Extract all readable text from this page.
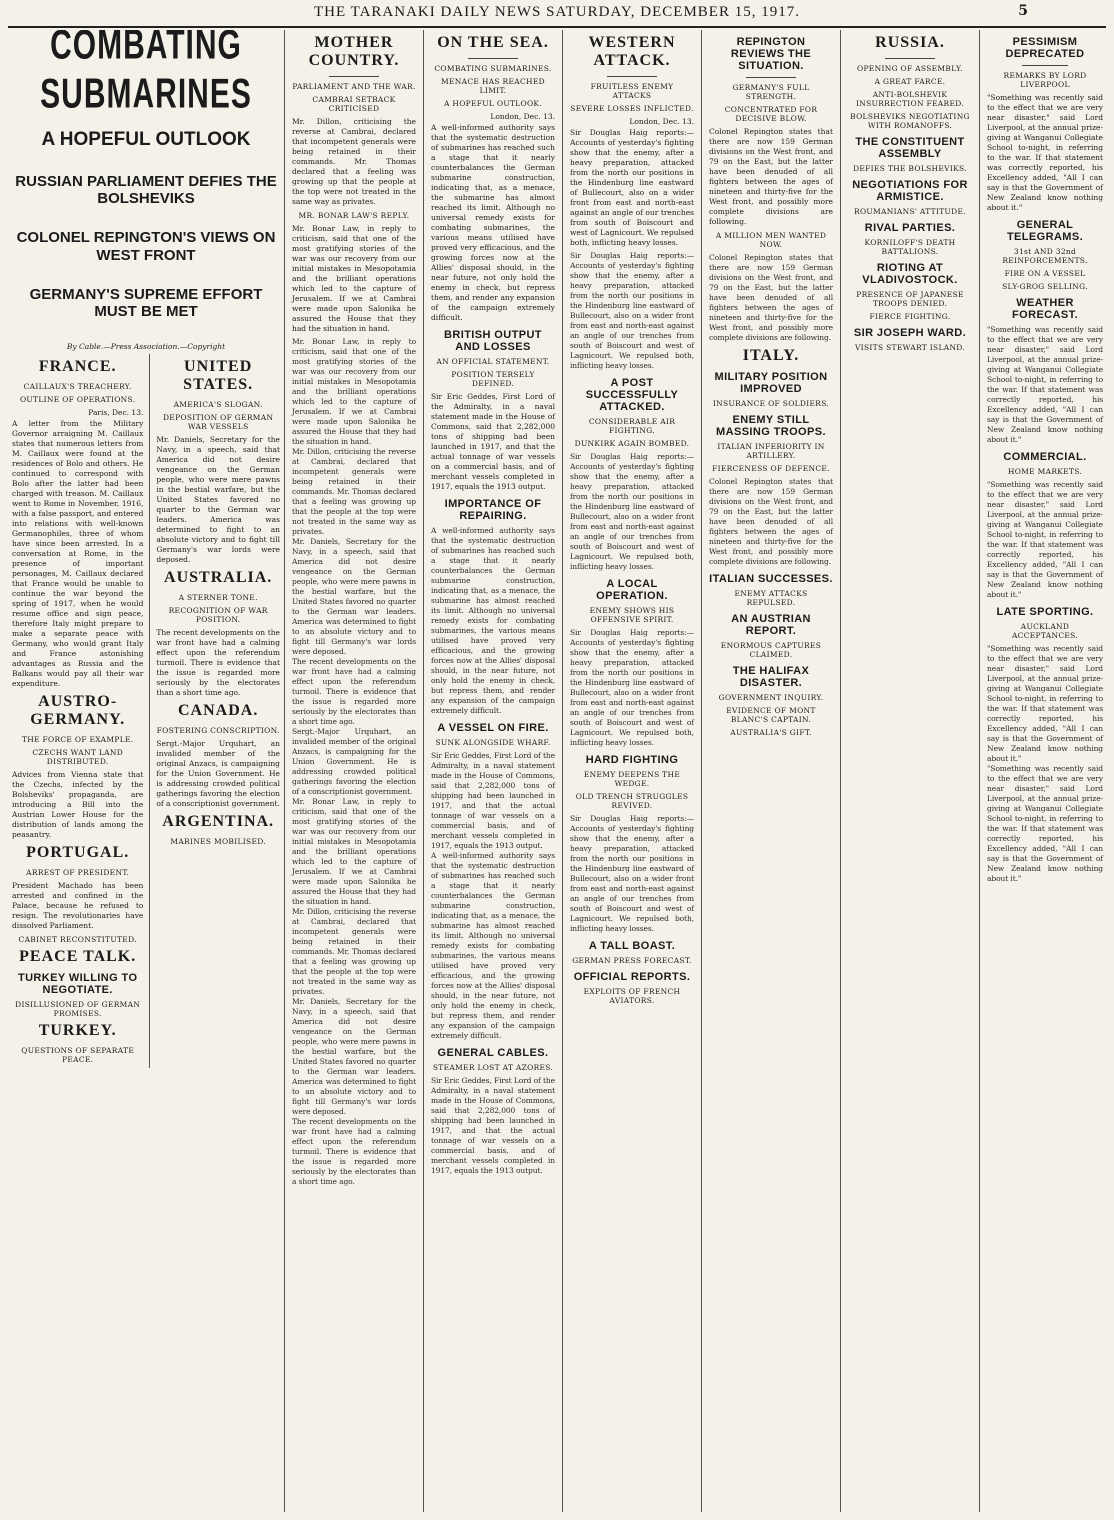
THE TARANAKI DAILY NEWS SATURDAY, DECEMBER 15, 1917.	5
COMBATING SUBMARINES
A HOPEFUL OUTLOOK
RUSSIAN PARLIAMENT DEFIES THE BOLSHEVIKS
COLONEL REPINGTON'S VIEWS ON WEST FRONT
GERMANY'S SUPREME EFFORT MUST BE MET
By Cable.—Press Association.—Copyright
FRANCE.
CAILLAUX'S TREACHERY.
OUTLINE OF OPERATIONS.
Paris, Dec. 13.
A letter from the Military Governor arraigning M. Caillaux states that numerous letters from M. Caillaux were found at the residences of Bolo and others. He continued to correspond with Bolo after the latter had been charged with treason. M. Caillaux went to Rome in November, 1916, with a false passport, and entered into relations with well-known Germanophiles, three of whom have since been arrested. In a conversation at Rome, in the presence of important personages, M. Caillaux declared that France would be unable to continue the war beyond the spring of 1917, when he would resume office and sign peace, therefore Italy might prepare to make a separate peace with Germany, who would grant Italy and France astonishing advantages as Russia and the Balkans would pay all their war expenditure.
AUSTRO-GERMANY.
THE FORCE OF EXAMPLE.
CZECHS WANT LAND DISTRIBUTED.
Advices from Vienna state that the Czechs, infected by the Bolsheviks' propaganda, are introducing a Bill into the Austrian Lower House for the distribution of lands among the peasantry.
PORTUGAL.
ARREST OF PRESIDENT.
President Machado has been arrested and confined in the Palace, because he refused to resign. The revolutionaries have dissolved Parliament.
CABINET RECONSTITUTED.
PEACE TALK.
TURKEY WILLING TO NEGOTIATE.
DISILLUSIONED OF GERMAN PROMISES.
TURKEY.
QUESTIONS OF SEPARATE PEACE.
UNITED STATES.
AMERICA'S SLOGAN.
DEPOSITION OF GERMAN WAR VESSELS
Mr. Daniels, Secretary for the Navy, in a speech, said that America did not desire vengeance on the German people, who were mere pawns in the bestial warfare, but the United States favored no quarter to the German war leaders. America was determined to fight to an absolute victory and to fight till Germany's war lords were deposed.
AUSTRALIA.
A STERNER TONE.
RECOGNITION OF WAR POSITION.
The recent developments on the war front have had a calming effect upon the referendum turmoil. There is evidence that the issue is regarded more seriously by the electorates than a short time ago.
CANADA.
FOSTERING CONSCRIPTION.
Sergt.-Major Urquhart, an invalided member of the original Anzacs, is campaigning for the Union Government. He is addressing crowded political gatherings favoring the election of a conscriptionist government.
ARGENTINA.
MARINES MOBILISED.
MOTHER COUNTRY.
PARLIAMENT AND THE WAR.
CAMBRAI SETBACK CRITICISED
Mr. Dillon, criticising the reverse at Cambrai, declared that incompetent generals were being retained in their commands. Mr. Thomas declared that a feeling was growing up that the people at the top were not treated in the same way as privates.
MR. BONAR LAW'S REPLY.
Mr. Bonar Law, in reply to criticism, said that one of the most gratifying stories of the war was our recovery from our initial mistakes in Mesopotamia and the brilliant operations which led to the capture of Jerusalem. If we at Cambrai were made upon Salonika he assured the House that they had the situation in hand.
Mr. Bonar Law, in reply to criticism, said that one of the most gratifying stories of the war was our recovery from our initial mistakes in Mesopotamia and the brilliant operations which led to the capture of Jerusalem. If we at Cambrai were made upon Salonika he assured the House that they had the situation in hand.
Mr. Dillon, criticising the reverse at Cambrai, declared that incompetent generals were being retained in their commands. Mr. Thomas declared that a feeling was growing up that the people at the top were not treated in the same way as privates.
Mr. Daniels, Secretary for the Navy, in a speech, said that America did not desire vengeance on the German people, who were mere pawns in the bestial warfare, but the United States favored no quarter to the German war leaders. America was determined to fight to an absolute victory and to fight till Germany's war lords were deposed.
The recent developments on the war front have had a calming effect upon the referendum turmoil. There is evidence that the issue is regarded more seriously by the electorates than a short time ago.
Sergt.-Major Urquhart, an invalided member of the original Anzacs, is campaigning for the Union Government. He is addressing crowded political gatherings favoring the election of a conscriptionist government.
Mr. Bonar Law, in reply to criticism, said that one of the most gratifying stories of the war was our recovery from our initial mistakes in Mesopotamia and the brilliant operations which led to the capture of Jerusalem. If we at Cambrai were made upon Salonika he assured the House that they had the situation in hand.
Mr. Dillon, criticising the reverse at Cambrai, declared that incompetent generals were being retained in their commands. Mr. Thomas declared that a feeling was growing up that the people at the top were not treated in the same way as privates.
Mr. Daniels, Secretary for the Navy, in a speech, said that America did not desire vengeance on the German people, who were mere pawns in the bestial warfare, but the United States favored no quarter to the German war leaders. America was determined to fight to an absolute victory and to fight till Germany's war lords were deposed.
The recent developments on the war front have had a calming effect upon the referendum turmoil. There is evidence that the issue is regarded more seriously by the electorates than a short time ago.
ON THE SEA.
COMBATING SUBMARINES.
MENACE HAS REACHED LIMIT.
A HOPEFUL OUTLOOK.
London, Dec. 13.
A well-informed authority says that the systematic destruction of submarines has reached such a stage that it nearly counterbalances the German submarine construction, indicating that, as a menace, the submarine has almost reached its limit. Although no universal remedy exists for combating submarines, the various means utilised have proved very efficacious, and the growing forces now at the Allies' disposal should, in the near future, not only hold the enemy in check, but repress them, and render any expansion of the campaign extremely difficult.
BRITISH OUTPUT AND LOSSES
AN OFFICIAL STATEMENT.
POSITION TERSELY DEFINED.
Sir Eric Geddes, First Lord of the Admiralty, in a naval statement made in the House of Commons, said that 2,282,000 tons of shipping had been launched in 1917, and that the actual tonnage of war vessels on a commercial basis, and of merchant vessels completed in 1917, equals the 1913 output.
IMPORTANCE OF REPAIRING.
A well-informed authority says that the systematic destruction of submarines has reached such a stage that it nearly counterbalances the German submarine construction, indicating that, as a menace, the submarine has almost reached its limit. Although no universal remedy exists for combating submarines, the various means utilised have proved very efficacious, and the growing forces now at the Allies' disposal should, in the near future, not only hold the enemy in check, but repress them, and render any expansion of the campaign extremely difficult.
A VESSEL ON FIRE.
SUNK ALONGSIDE WHARF.
Sir Eric Geddes, First Lord of the Admiralty, in a naval statement made in the House of Commons, said that 2,282,000 tons of shipping had been launched in 1917, and that the actual tonnage of war vessels on a commercial basis, and of merchant vessels completed in 1917, equals the 1913 output.
A well-informed authority says that the systematic destruction of submarines has reached such a stage that it nearly counterbalances the German submarine construction, indicating that, as a menace, the submarine has almost reached its limit. Although no universal remedy exists for combating submarines, the various means utilised have proved very efficacious, and the growing forces now at the Allies' disposal should, in the near future, not only hold the enemy in check, but repress them, and render any expansion of the campaign extremely difficult.
GENERAL CABLES.
STEAMER LOST AT AZORES.
Sir Eric Geddes, First Lord of the Admiralty, in a naval statement made in the House of Commons, said that 2,282,000 tons of shipping had been launched in 1917, and that the actual tonnage of war vessels on a commercial basis, and of merchant vessels completed in 1917, equals the 1913 output.
WESTERN ATTACK.
FRUITLESS ENEMY ATTACKS
SEVERE LOSSES INFLICTED.
London, Dec. 13.
Sir Douglas Haig reports:—Accounts of yesterday's fighting show that the enemy, after a heavy preparation, attacked from the north our positions in the Hindenburg line eastward of Bullecourt, also on a wider front from east and north-east against an angle of our trenches from south of Boiscourt and west of Lagnicourt. We repulsed both, inflicting heavy losses.
Sir Douglas Haig reports:—Accounts of yesterday's fighting show that the enemy, after a heavy preparation, attacked from the north our positions in the Hindenburg line eastward of Bullecourt, also on a wider front from east and north-east against an angle of our trenches from south of Boiscourt and west of Lagnicourt. We repulsed both, inflicting heavy losses.
A POST SUCCESSFULLY ATTACKED.
CONSIDERABLE AIR FIGHTING.
DUNKIRK AGAIN BOMBED.
Sir Douglas Haig reports:—Accounts of yesterday's fighting show that the enemy, after a heavy preparation, attacked from the north our positions in the Hindenburg line eastward of Bullecourt, also on a wider front from east and north-east against an angle of our trenches from south of Boiscourt and west of Lagnicourt. We repulsed both, inflicting heavy losses.
A LOCAL OPERATION.
ENEMY SHOWS HIS OFFENSIVE SPIRIT.
Sir Douglas Haig reports:—Accounts of yesterday's fighting show that the enemy, after a heavy preparation, attacked from the north our positions in the Hindenburg line eastward of Bullecourt, also on a wider front from east and north-east against an angle of our trenches from south of Boiscourt and west of Lagnicourt. We repulsed both, inflicting heavy losses.
HARD FIGHTING
ENEMY DEEPENS THE WEDGE.
OLD TRENCH STRUGGLES REVIVED.
Sir Douglas Haig reports:—Accounts of yesterday's fighting show that the enemy, after a heavy preparation, attacked from the north our positions in the Hindenburg line eastward of Bullecourt, also on a wider front from east and north-east against an angle of our trenches from south of Boiscourt and west of Lagnicourt. We repulsed both, inflicting heavy losses.
A TALL BOAST.
GERMAN PRESS FORECAST.
OFFICIAL REPORTS.
EXPLOITS OF FRENCH AVIATORS.
REPINGTON REVIEWS THE SITUATION.
GERMANY'S FULL STRENGTH.
CONCENTRATED FOR DECISIVE BLOW.
Colonel Repington states that there are now 159 German divisions on the West front, and 79 on the East, but the latter have been denuded of all fighters between the ages of nineteen and thirty-five for the West front, and possibly more complete divisions are following.
A MILLION MEN WANTED NOW.
Colonel Repington states that there are now 159 German divisions on the West front, and 79 on the East, but the latter have been denuded of all fighters between the ages of nineteen and thirty-five for the West front, and possibly more complete divisions are following.
ITALY.
MILITARY POSITION IMPROVED
INSURANCE OF SOLDIERS.
ENEMY STILL MASSING TROOPS.
ITALIAN INFERIORITY IN ARTILLERY.
FIERCENESS OF DEFENCE.
Colonel Repington states that there are now 159 German divisions on the West front, and 79 on the East, but the latter have been denuded of all fighters between the ages of nineteen and thirty-five for the West front, and possibly more complete divisions are following.
ITALIAN SUCCESSES.
ENEMY ATTACKS REPULSED.
AN AUSTRIAN REPORT.
ENORMOUS CAPTURES CLAIMED.
THE HALIFAX DISASTER.
GOVERNMENT INQUIRY.
EVIDENCE OF MONT BLANC'S CAPTAIN.
AUSTRALIA'S GIFT.
RUSSIA.
OPENING OF ASSEMBLY.
A GREAT FARCE.
ANTI-BOLSHEVIK INSURRECTION FEARED.
BOLSHEVIKS NEGOTIATING WITH ROMANOFFS.
THE CONSTITUENT ASSEMBLY
DEFIES THE BOLSHEVIKS.
NEGOTIATIONS FOR ARMISTICE.
ROUMANIANS' ATTITUDE.
RIVAL PARTIES.
KORNILOFF'S DEATH BATTALIONS.
RIOTING AT VLADIVOSTOCK.
PRESENCE OF JAPANESE TROOPS DENIED.
FIERCE FIGHTING.
SIR JOSEPH WARD.
VISITS STEWART ISLAND.
PESSIMISM DEPRECATED
REMARKS BY LORD LIVERPOOL
"Something was recently said to the effect that we are very near disaster," said Lord Liverpool, at the annual prize-giving at Wanganui Collegiate School to-night, in referring to the war. If that statement was correctly reported, his Excellency added, "All I can say is that the Government of New Zealand know nothing about it."
GENERAL TELEGRAMS.
31st AND 32nd REINFORCEMENTS.
FIRE ON A VESSEL
SLY-GROG SELLING.
WEATHER FORECAST.
"Something was recently said to the effect that we are very near disaster," said Lord Liverpool, at the annual prize-giving at Wanganui Collegiate School to-night, in referring to the war. If that statement was correctly reported, his Excellency added, "All I can say is that the Government of New Zealand know nothing about it."
COMMERCIAL.
HOME MARKETS.
"Something was recently said to the effect that we are very near disaster," said Lord Liverpool, at the annual prize-giving at Wanganui Collegiate School to-night, in referring to the war. If that statement was correctly reported, his Excellency added, "All I can say is that the Government of New Zealand know nothing about it."
LATE SPORTING.
AUCKLAND ACCEPTANCES.
"Something was recently said to the effect that we are very near disaster," said Lord Liverpool, at the annual prize-giving at Wanganui Collegiate School to-night, in referring to the war. If that statement was correctly reported, his Excellency added, "All I can say is that the Government of New Zealand know nothing about it."
"Something was recently said to the effect that we are very near disaster," said Lord Liverpool, at the annual prize-giving at Wanganui Collegiate School to-night, in referring to the war. If that statement was correctly reported, his Excellency added, "All I can say is that the Government of New Zealand know nothing about it."
